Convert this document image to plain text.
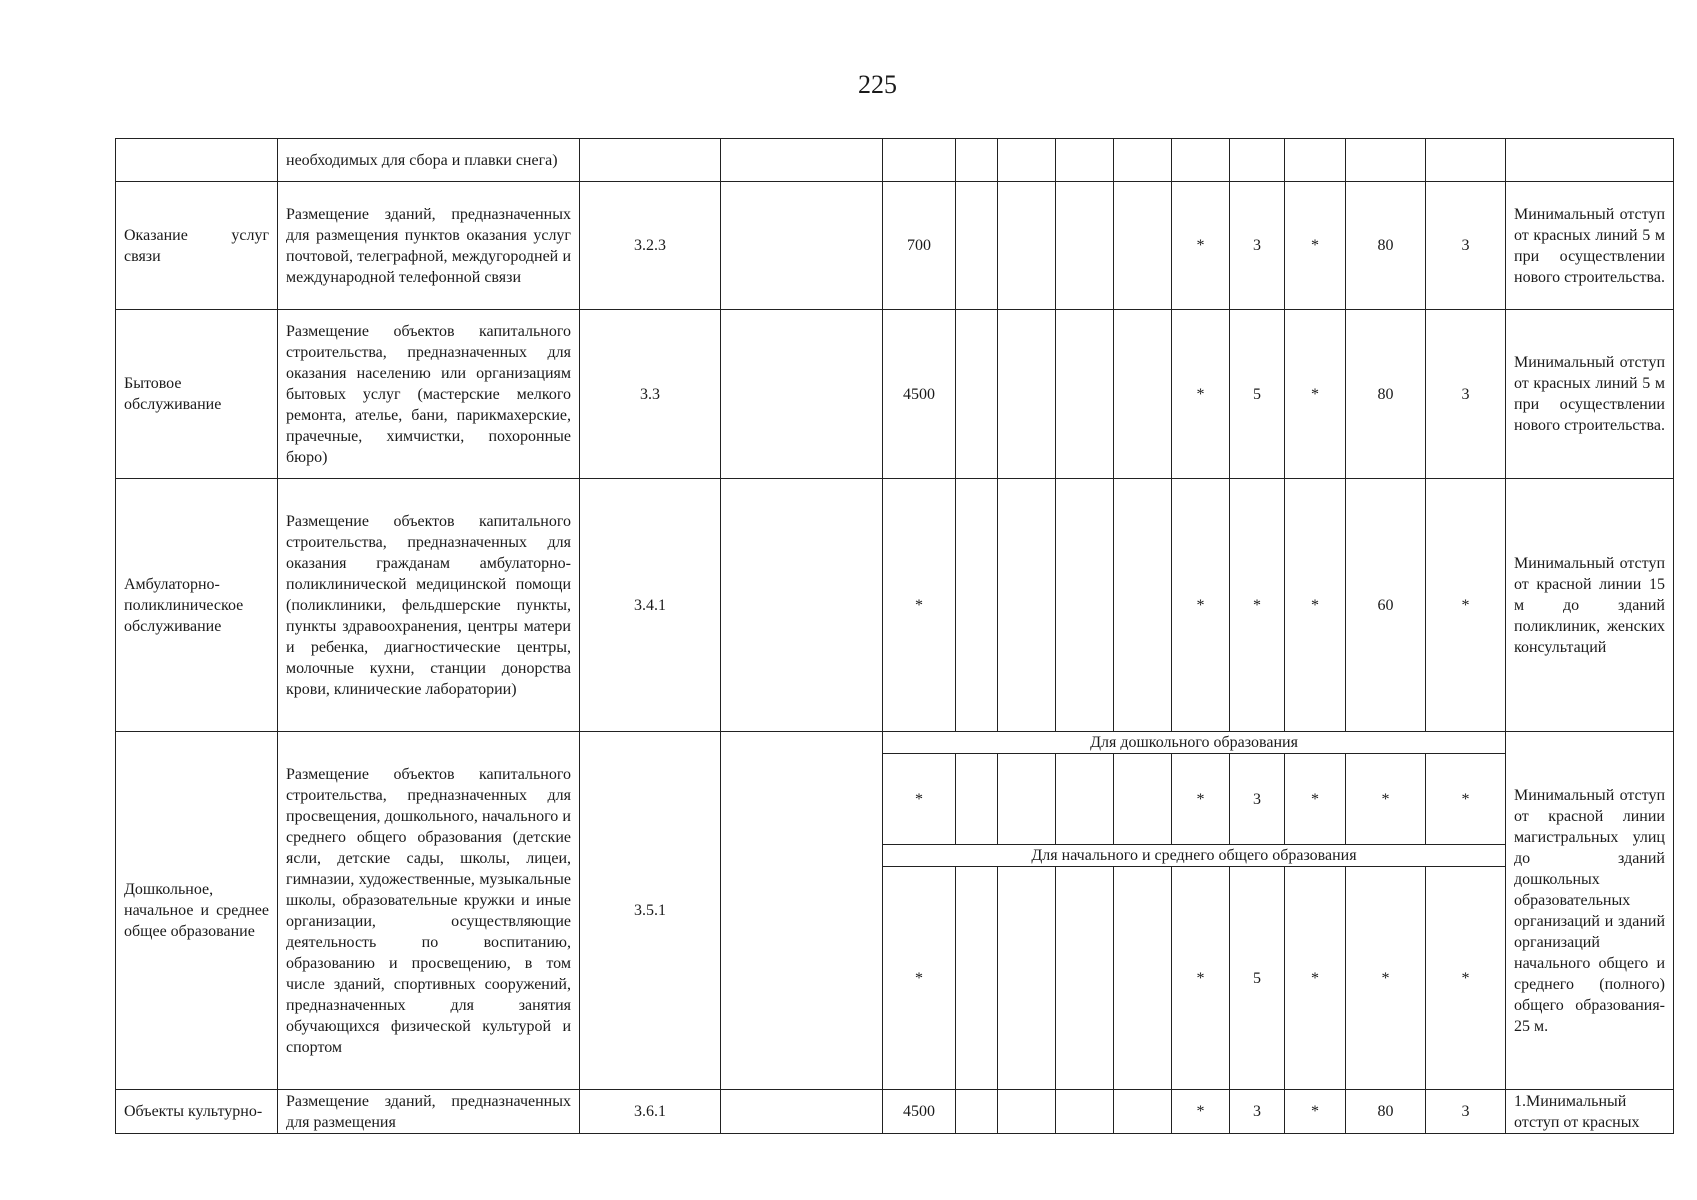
225
	необходимых для сбора и плавки снега)													
Оказание услуг связи	Размещение зданий, предназначенных для размещения пунктов оказания услуг почтовой, телеграфной, междугородней и международной телефонной связи	3.2.3		700					*	3	*	80	3	Минимальный отступ от красных линий 5 м при осуществлении нового строительства.
Бытовое обслуживание	Размещение объектов капитального строительства, предназначенных для оказания населению или организациям бытовых услуг (мастерские мелкого ремонта, ателье, бани, парикмахерские, прачечные, химчистки, похоронные бюро)	3.3		4500					*	5	*	80	3	Минимальный отступ от красных линий 5 м при осуществлении нового строительства.
Амбулаторно-поликлиническое обслуживание	Размещение объектов капитального строительства, предназначенных для оказания гражданам амбулаторно-поликлинической медицинской помощи (поликлиники, фельдшерские пункты, пункты здравоохранения, центры матери и ребенка, диагностические центры, молочные кухни, станции донорства крови, клинические лаборатории)	3.4.1		*					*	*	*	60	*	Минимальный отступ от красной линии 15 м до зданий поликлиник, женских консультаций
Дошкольное, начальное и среднее общее образование	Размещение объектов капитального строительства, предназначенных для просвещения, дошкольного, начального и среднего общего образования (детские ясли, детские сады, школы, лицеи, гимназии, художественные, музыкальные школы, образовательные кружки и иные организации, осуществляющие деятельность по воспитанию, образованию и просвещению, в том числе зданий, спортивных сооружений, предназначенных для занятия обучающихся физической культурой и спортом	3.5.1		Для дошкольного образования										Минимальный отступ от красной линии магистральных улиц до зданий дошкольных образовательных организаций и зданий организаций начального общего и среднего (полного) общего образования- 25 м.
				*					*	3	*	*	*	
				Для начального и среднего общего образования										
				*					*	5	*	*	*	
Объекты культурно-	Размещение зданий, предназначенных для размещения	3.6.1		4500					*	3	*	80	3	1.Минимальный отступ от красных
